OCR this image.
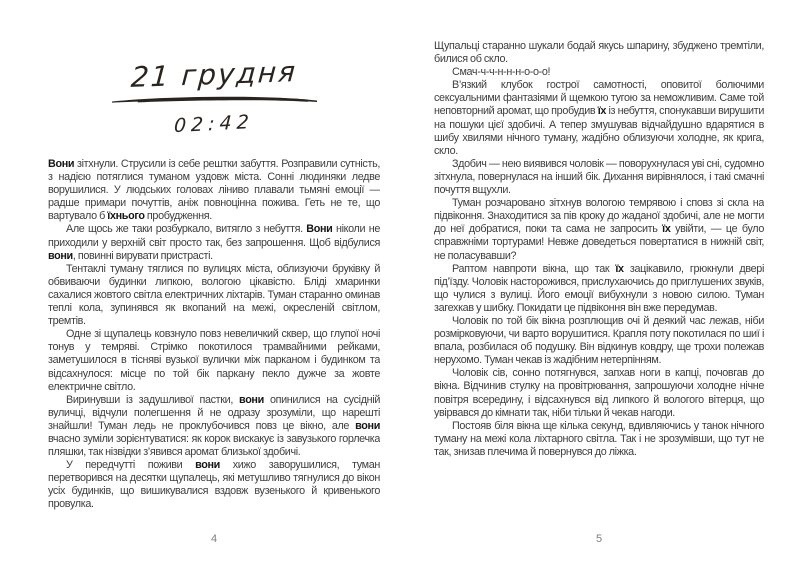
21 грудня
02:42

Вони зітхнули. Струсили із себе рештки забуття. Розправили сутність, з надією потяглися туманом уздовж міста. Сонні людиняки ледве ворушилися. У людських головах ліниво плавали тьмяні емоції — радше примари почуттів, аніж повноцінна пожива. Геть не те, що вартувало б їхнього пробудження.

Але щось же таки розбуркало, витягло з небуття. Вони ніколи не приходили у верхній світ просто так, без запрошення. Щоб відбулися вони, повинні вирувати пристрасті.

Тентаклі туману тяглися по вулицях міста, облизуючи бруківку й обвиваючи будинки липкою, вологою цікавістю. Бліді хмаринки сахалися жовтого світла електричних ліхтарів. Туман старанно оминав теплі кола, зупинявся як вкопаний на межі, окресленій світлом, тремтів.

Одне зі щупалець ковзнуло повз невеличкий сквер, що глупої ночі тонув у темряві. Стрімко покотилося трамвайними рейками, заметушилося в тісняві вузької вулички між парканом і будинком та відсахнулося: місце по той бік паркану пекло дужче за жовте електричне світло.

Виринувши із задушливої пастки, вони опинилися на сусідній вуличці, відчули полегшення й не одразу зрозуміли, що нарешті знайшли! Туман ледь не проклубочився повз це вікно, але вони вчасно зуміли зорієнтуватися: як корок вискакує із завузького горлечка пляшки, так нізвідки з’явився аромат близької здобичі.

У передчутті поживи вони хижо заворушилися, туман перетворився на десятки щупалець, які метушливо тягнулися до вікон усіх будинків, що вишикувалися вздовж вузенького й кривенького провулка.

4

Щупальці старанно шукали бодай якусь шпарину, збуджено тремтіли, билися об скло.

Смач-ч-ч-н-н-н-о-о-о!

В’язкий клубок гострої самотності, оповитої болючими сексуальними фантазіями й щемкою тугою за неможливим. Саме той неповторний аромат, що пробудив їх із небуття, спонукавши вирушити на пошуки цієї здобичі. А тепер змушував відчайдушно вдарятися в шибу хвилями нічного туману, жадібно облизуючи холодне, як крига, скло.

Здобич — нею виявився чоловік — поворухнулася уві сні, судомно зітхнула, повернулася на інший бік. Дихання вирівнялося, і такі смачні почуття вщухли.

Туман розчаровано зітхнув вологою темрявою і сповз зі скла на підвіконня. Знаходитися за пів кроку до жаданої здобичі, але не могти до неї добратися, поки та сама не запросить їх увійти, — це було справжніми тортурами! Невже доведеться повертатися в нижній світ, не поласувавши?

Раптом навпроти вікна, що так їх зацікавило, грюкнули двері під’їзду. Чоловік насторожився, прислухаючись до приглушених звуків, що чулися з вулиці. Його емоції вибухнули з новою силою. Туман загехкав у шибку. Покидати це підвіконня він вже передумав.

Чоловік по той бік вікна розплющив очі й деякий час лежав, ніби розмірковуючи, чи варто ворушитися. Крапля поту покотилася по шиї і впала, розбилася об подушку. Він відкинув ковдру, ще трохи полежав нерухомо. Туман чекав із жадібним нетерпінням.

Чоловік сів, сонно потягнувся, запхав ноги в капці, почовгав до вікна. Відчинив стулку на провітрювання, запрошуючи холодне нічне повітря всередину, і відсахнувся від липкого й вологого вітерця, що увірвався до кімнати так, ніби тільки й чекав нагоди.

Постояв біля вікна ще кілька секунд, вдивляючись у танок нічного туману на межі кола ліхтарного світла. Так і не зрозумівши, що тут не так, знизав плечима й повернувся до ліжка.

5
